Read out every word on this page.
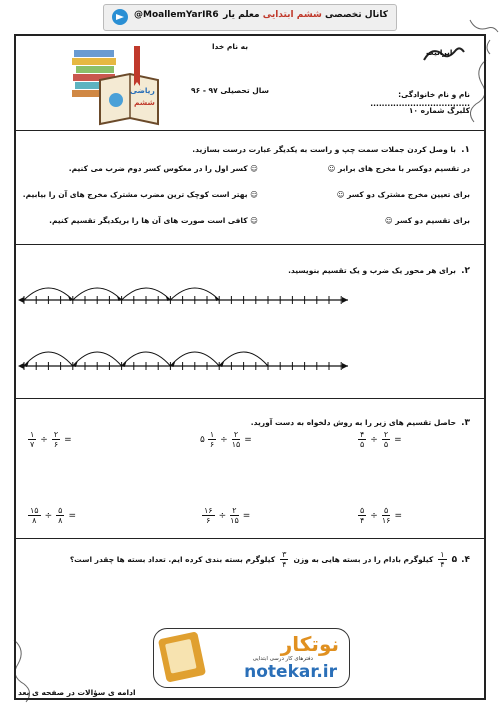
@MoallemYarIR6	کانال تخصصی ششم ابتدایی معلم یار
به نام خدا
ایرانیت
ریاضی
ششم
نام و نام خانوادگی: ...................................
سال تحصیلی ۹۷ - ۹۶
کلبرگ شماره ۱۰
۱. با وصل کردن جملات سمت چپ و راست به یکدیگر عبارت درست بسازید.
در تقسیم دوکسر با مخرج های برابر ☺
برای تعیین مخرج مشترک دو کسر ☺
برای تقسیم دو کسر ☺
☺ کسر اول را در معکوس کسر دوم ضرب می کنیم.
☺ بهتر است کوچک ترین مضرب مشترک مخرج های آن را بیابیم.
☺ کافی است صورت های آن ها را بریکدیگر تقسیم کنیم.
۲. برای هر محور یک ضرب و یک تقسیم بنویسید.
۳. حاصل تقسیم های زیر را به روش دلخواه به دست آورید.
$\frac{۴}{۵} \div \frac{۲}{۵}$ =
۵ $\frac{۱}{۶} \div \frac{۲}{۱۵}$ =
$\frac{۱}{۷} \div \frac{۲}{۶}$ =
$\frac{۵}{۴} \div \frac{۵}{۱۶}$ =
$\frac{۱۶}{۶} \div \frac{۲}{۱۵}$ =
$\frac{۱۵}{۸} \div \frac{۵}{۸}$ =
۴.
۵
$\frac{۱}{۴}$
کیلوگرم بادام را در بسته هایی به وزن
$\frac{۳}{۴}$
کیلوگرم بسته بندی کرده ایم. تعداد بسته ها چقدر است؟
ادامه ی سؤالات در صفحه ی بعد
نوتکار
دفترهای کار درسی ابتدایی
notekar.ir
